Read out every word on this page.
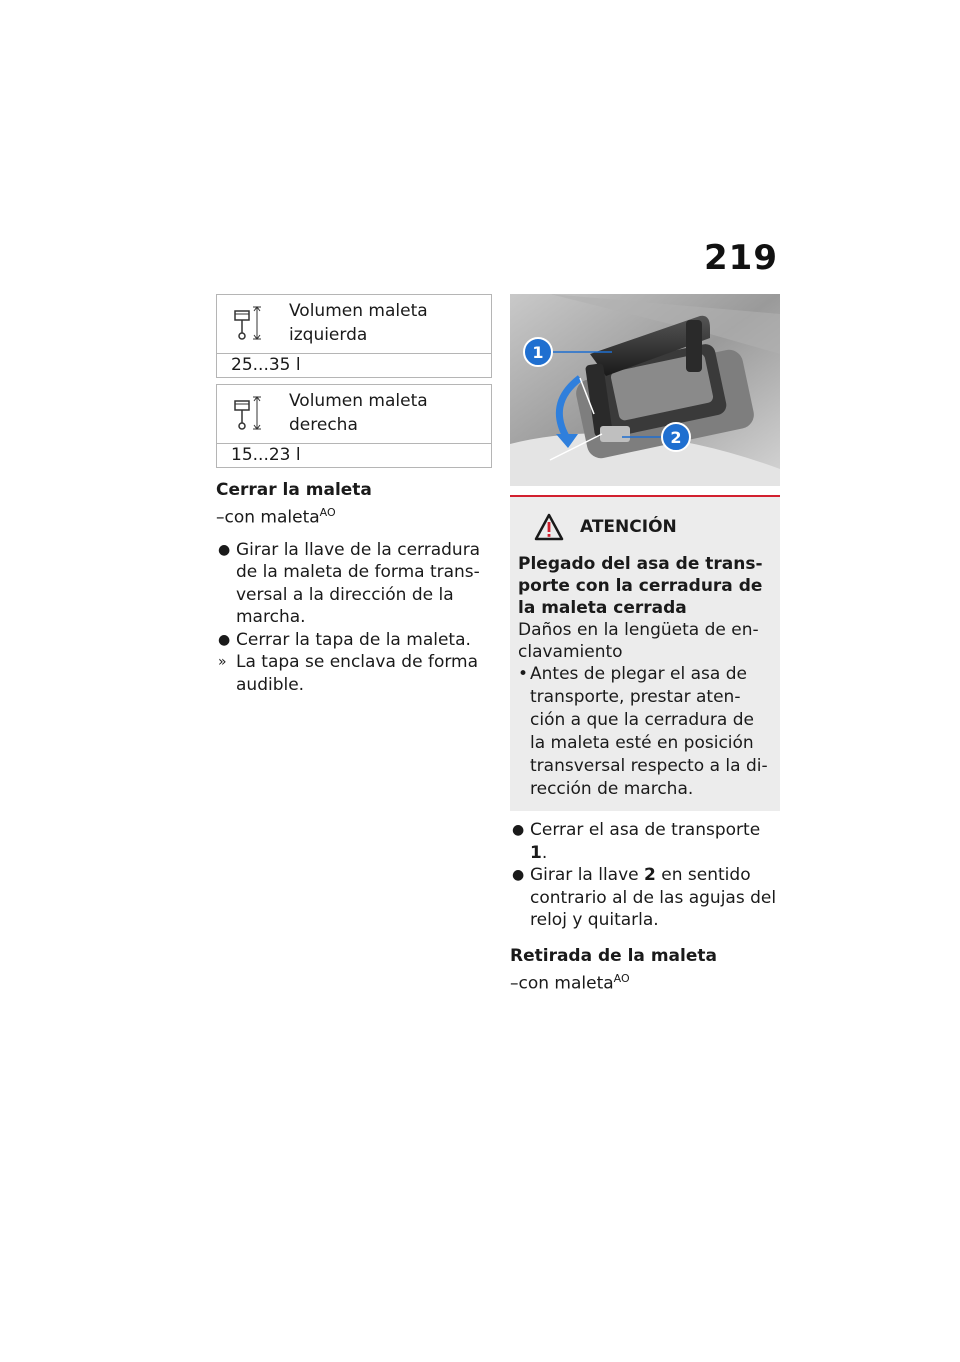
219
Volumen maleta izquierda
25...35 l
Volumen maleta derecha
15...23 l
Cerrar la maleta
–con maleta$^{AO}$
● Girar la llave de la cerradura de la maleta de forma trans-versal a la dirección de la marcha.
● Cerrar la tapa de la maleta.
» La tapa se enclava de forma audible.
1
2
ATENCIÓN
Plegado del asa de trans-porte con la cerradura de la maleta cerrada
Daños en la lengüeta de en-clavamiento
• Antes de plegar el asa de transporte, prestar aten-ción a que la cerradura de la maleta esté en posición transversal respecto a la di-rección de marcha.
● Cerrar el asa de transporte 1.
● Girar la llave 2 en sentido contrario al de las agujas del reloj y quitarla.
Retirada de la maleta
–con maleta$^{AO}$
